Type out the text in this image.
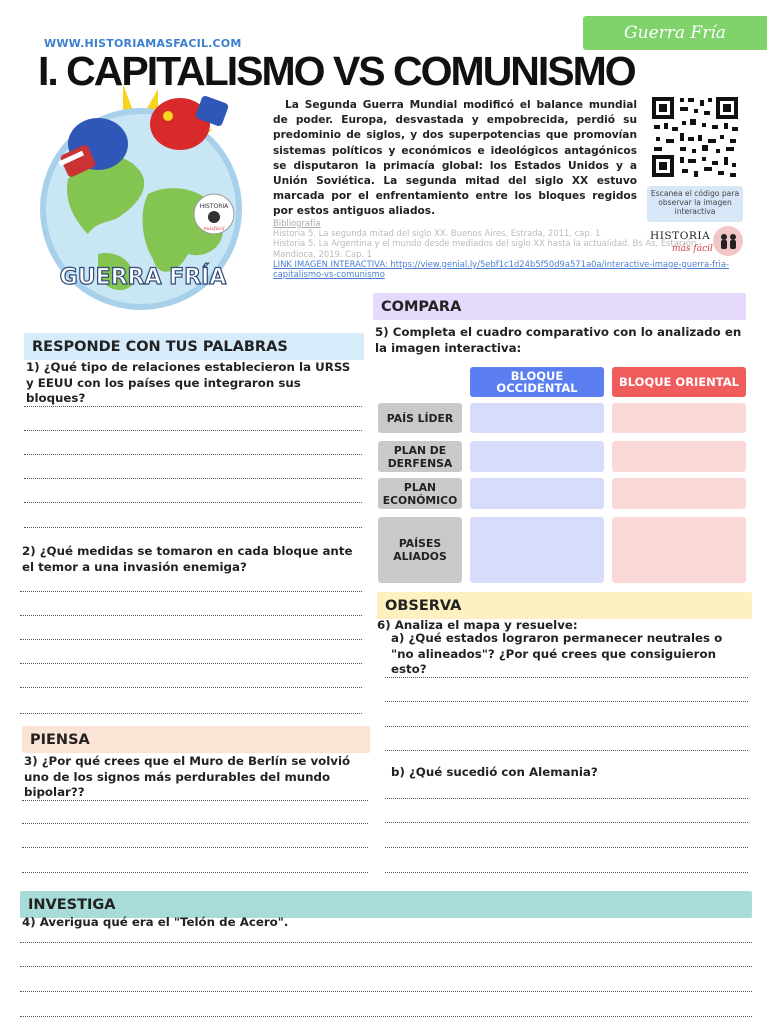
WWW.HISTORIAMASFACIL.COM
Guerra Fría
I. CAPITALISMO VS COMUNISMO
HISTORIA
másfácil
GUERRA FRÍA

La Segunda Guerra Mundial modificó el balance mundial de poder. Europa, desvastada y empobrecida, perdió su predominio de siglos, y dos superpotencias que promovían sistemas políticos y económicos e ideológicos antagónicos se disputaron la primacía global: los Estados Unidos y a Unión Soviética. La segunda mitad del siglo XX estuvo marcada por el enfrentamiento entre los bloques regidos por estos antiguos aliados.

Bibliografía
Historia 5. La segunda mitad del siglo XX. Buenos Aires, Estrada, 2011, cap. 1
Historia 5. La Argentina y el mundo desde mediados del siglo XX hasta la actualidad. Bs As, Estación Mandioca, 2019. Cap. 1
LINK IMAGEN INTERACTIVA: https://view.genial.ly/5ebf1c1d24b5f50d9a571a0a/interactive-image-guerra-fria-capitalismo-vs-comunismo
Escanea el código para observar la imagen interactiva
HISTORIA
más fácil
RESPONDE CON TUS PALABRAS
1) ¿Qué tipo de relaciones establecieron la URSS y EEUU con los países que integraron sus bloques?
2) ¿Qué medidas se tomaron en cada bloque ante el temor a una invasión enemiga?
PIENSA
3) ¿Por qué crees que el Muro de Berlín se volvió uno de los signos más perdurables del mundo bipolar??
INVESTIGA
4) Averigua qué era el "Telón de Acero".
COMPARA
5) Completa el cuadro comparativo con lo analizado en la imagen interactiva:
BLOQUE OCCIDENTAL	BLOQUE ORIENTAL
PAÍS LÍDER
PLAN DE DERFENSA
PLAN ECONÓMICO
PAÍSES ALIADOS
OBSERVA
6) Analiza el mapa y resuelve:
a) ¿Qué estados lograron permanecer neutrales o "no alineados"? ¿Por qué crees que consiguieron esto?
b) ¿Qué sucedió con Alemania?
